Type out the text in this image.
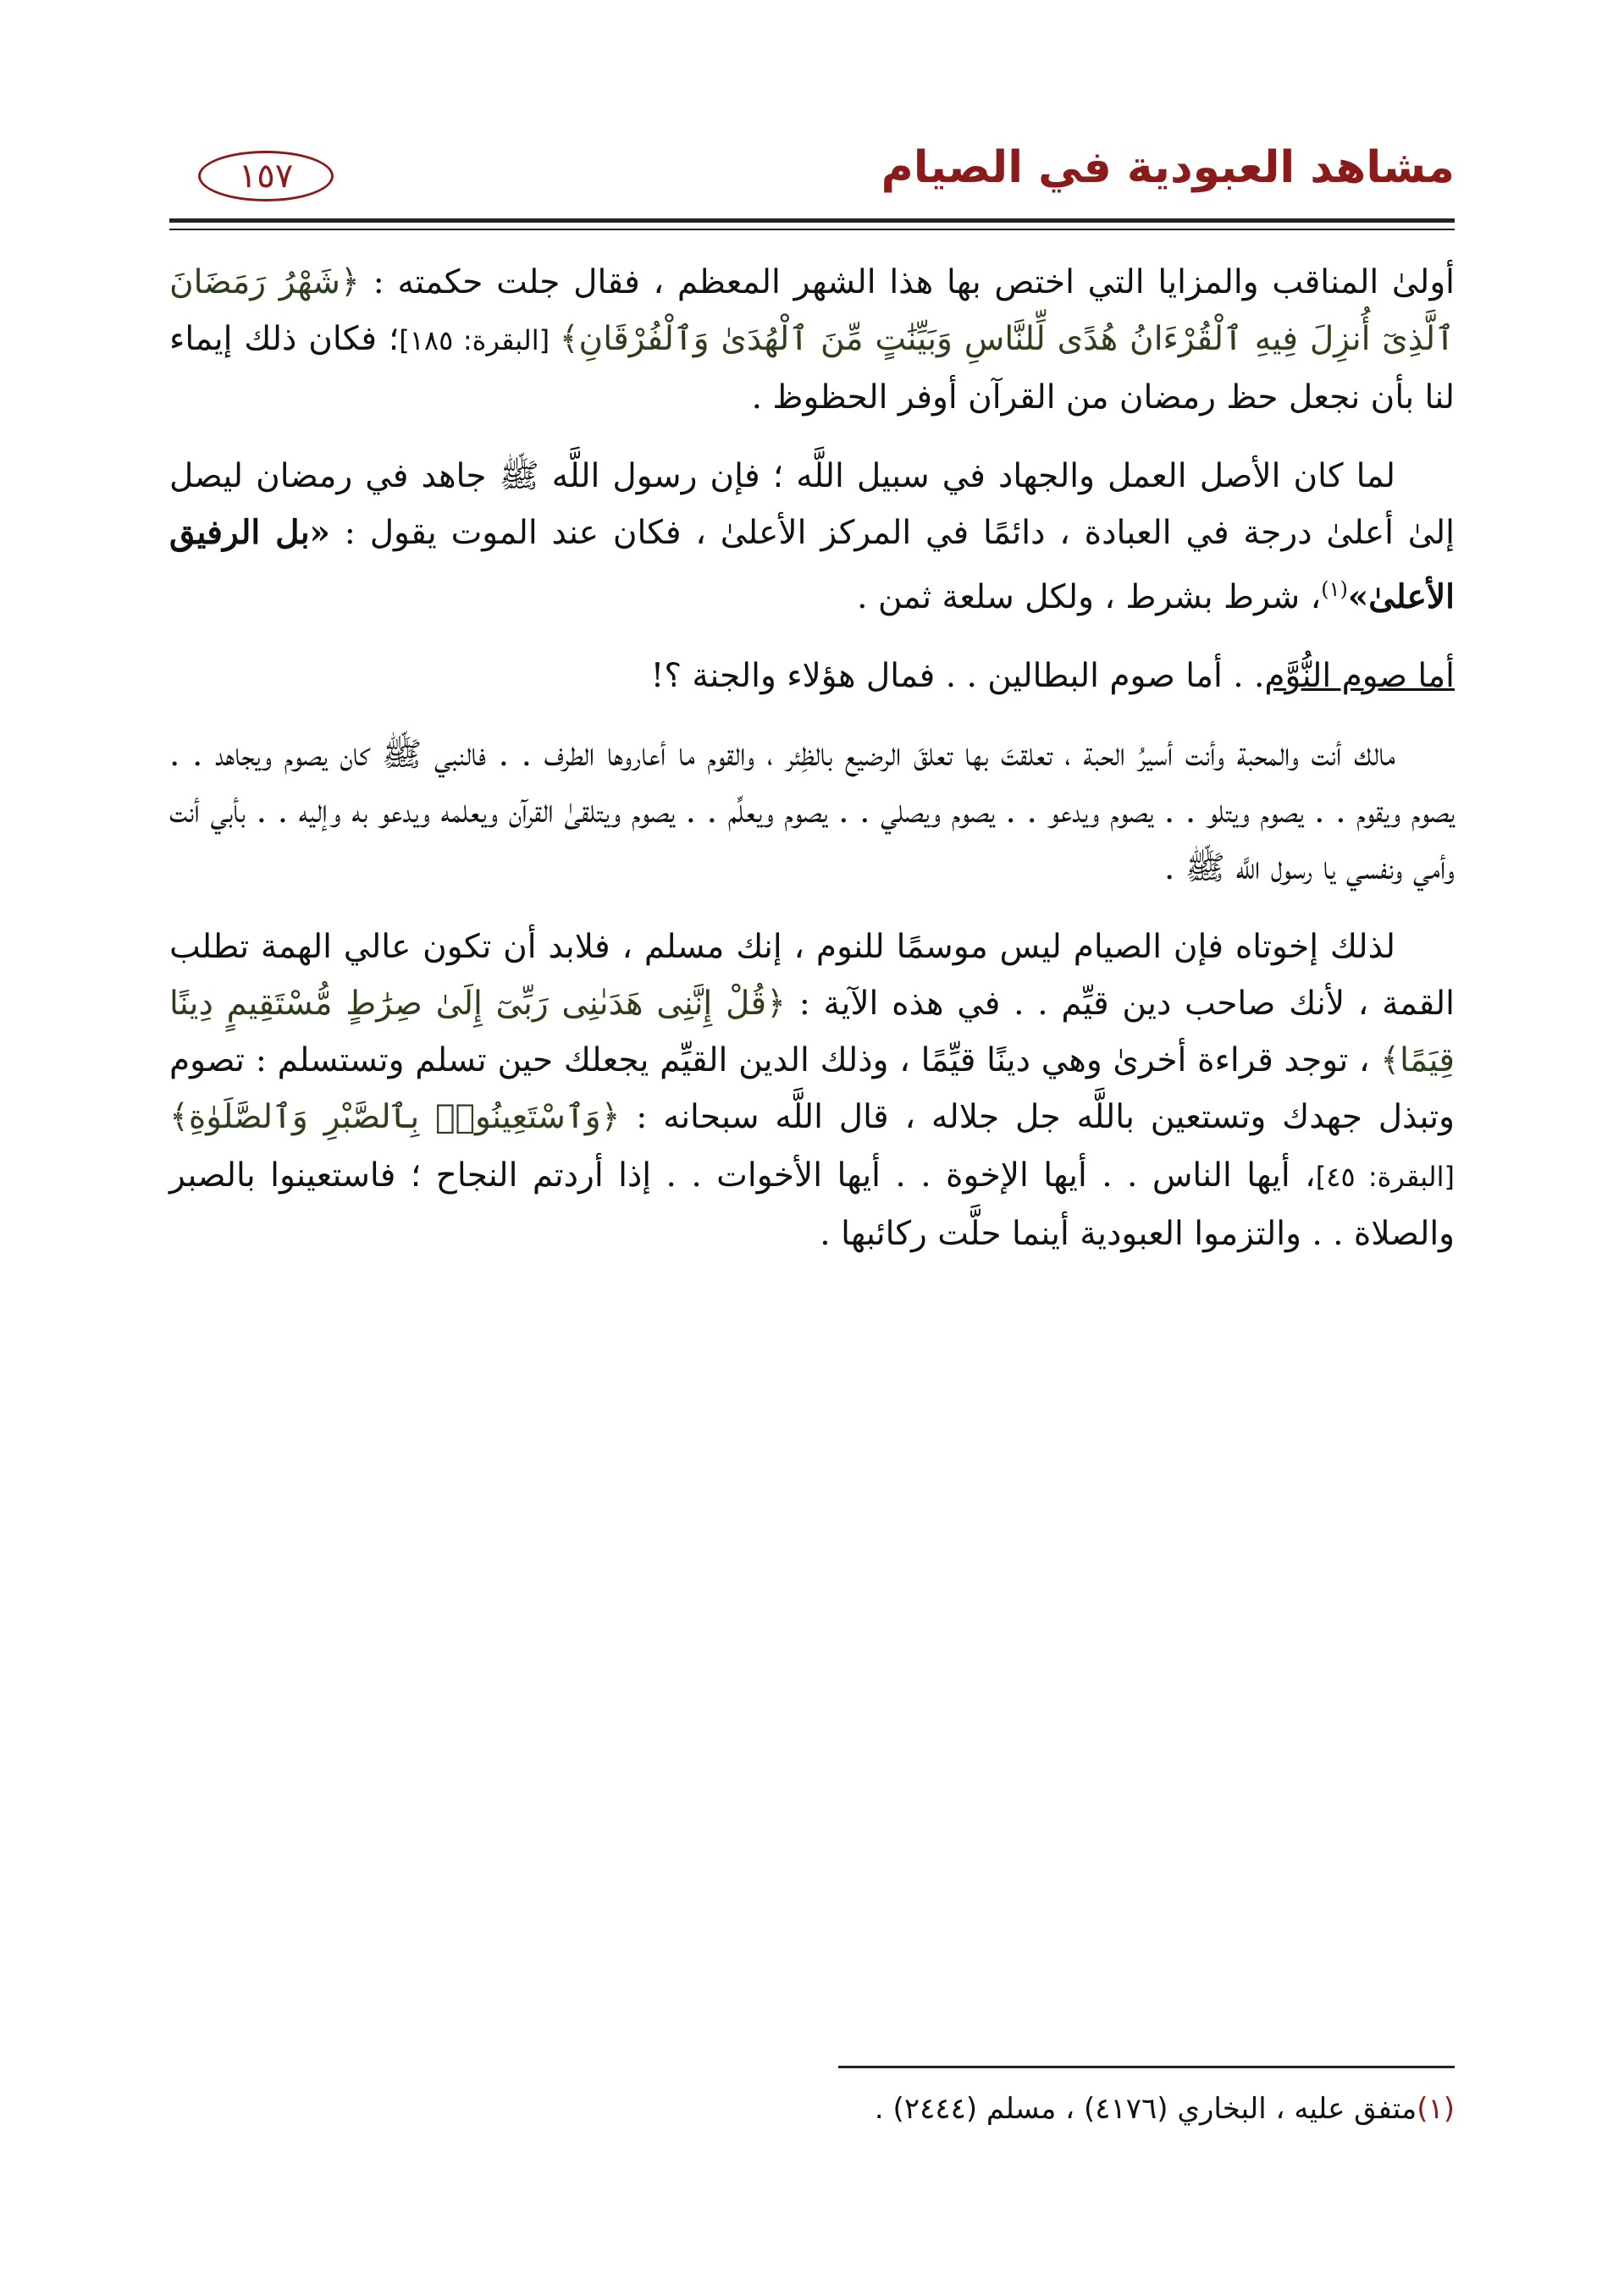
مشاهد العبودية في الصيام
١٥٧

أولىٰ المناقب والمزايا التي اختص بها هذا الشهر المعظم ، فقال جلت حكمته : ﴿شَهْرُ رَمَضَانَ ٱلَّذِىٓ أُنزِلَ فِيهِ ٱلْقُرْءَانُ هُدًى لِّلنَّاسِ وَبَيِّنَٰتٍ مِّنَ ٱلْهُدَىٰ وَٱلْفُرْقَانِ﴾ [البقرة: ١٨٥]؛ فكان ذلك إيماء لنا بأن نجعل حظ رمضان من القرآن أوفر الحظوظ .

لما كان الأصل العمل والجهاد في سبيل اللَّه ؛ فإن رسول اللَّه ﷺ جاهد في رمضان ليصل إلىٰ أعلىٰ درجة في العبادة ، دائمًا في المركز الأعلىٰ ، فكان عند الموت يقول : «بل الرفيق الأعلىٰ»$^{(١)}$، شرط بشرط ، ولكل سلعة ثمن .

أما صوم النُّوَّم. . أما صوم البطالين . . فمال هؤلاء والجنة ؟!

مالك أنت والمحبة وأنت أسيرُ الحبة ، تعلقتَ بها تعلقَ الرضيع بالظِئر ، والقوم ما أعاروها الطرف . . فالنبي ﷺ كان يصوم ويجاهد . . يصوم ويقوم . . يصوم ويتلو . . يصوم ويدعو . . يصوم ويصلي . . يصوم ويعلِّم . . يصوم ويتلقىٰ القرآن ويعلمه ويدعو به وإليه . . بأبي أنت وأمي ونفسي يا رسول اللَّه ﷺ .

لذلك إخوتاه فإن الصيام ليس موسمًا للنوم ، إنك مسلم ، فلابد أن تكون عالي الهمة تطلب القمة ، لأنك صاحب دين قيِّم . . في هذه الآية : ﴿قُلْ إِنَّنِى هَدَىٰنِى رَبِّىٓ إِلَىٰ صِرَٰطٍ مُّسْتَقِيمٍ دِينًا قِيَمًا﴾ ، توجد قراءة أخرىٰ وهي دينًا قيِّمًا ، وذلك الدين القيِّم يجعلك حين تسلم وتستسلم : تصوم وتبذل جهدك وتستعين باللَّه جل جلاله ، قال اللَّه سبحانه : ﴿وَٱسْتَعِينُوا۟ بِٱلصَّبْرِ وَٱلصَّلَوٰةِ﴾ [البقرة: ٤٥]، أيها الناس . . أيها الإخوة . . أيها الأخوات . . إذا أردتم النجاح ؛ فاستعينوا بالصبر والصلاة . . والتزموا العبودية أينما حلَّت ركائبها .

(١)متفق عليه ، البخاري (٤١٧٦) ، مسلم (٢٤٤٤) .
